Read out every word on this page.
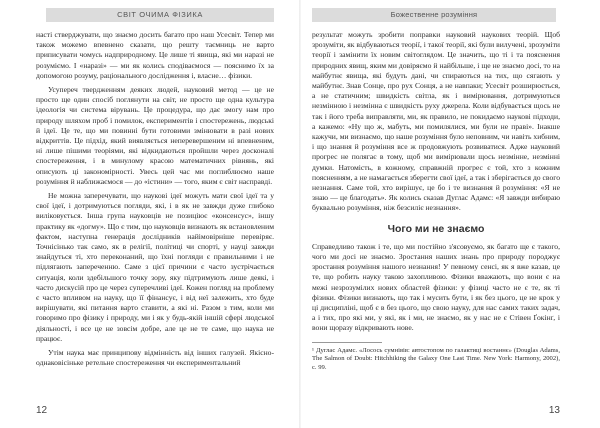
СВІТ ОЧИМА ФІЗИКА

насті стверджувати, що знаємо досить багато про наш Усесвіт. Тепер ми також можемо впевнено сказати, що решту таємниць не варто приписувати чомусь надприродному. Це лише ті явища, які ми наразі не розуміємо. І «наразі» — ми як колись сподіваємося — пояснимо їх за допомогою розуму, раціонального дослідження і, власне… фізики.

Усупереч твердженням деяких людей, науковий метод — це не просто ще один спосіб поглянути на світ, не просто ще одна культура ідеологія чи система вірувань. Це процедура, що дає змогу нам про природу шляхом проб і помилок, експериментів і спостережень, людські й ідеї. Це те, що ми повинні бути готовими змінювати в разі нових відкриттів. Це підхід, який виявляється неперевершеним ні впевненим, ні лише пішими теоріями, які відкидаються пройшли через досконалі спостереження, і в минулому красою математичних рівнянь, які описують ці закономірності. Увесь цей час ми поглиблюємо наше розуміння й наближаємося — до «істини» — того, яким є світ насправді.

Не можна заперечувати, що наукові ідеї можуть мати свої ідеї та у свої ідеї, і дотримуються погляди, які, і в як не завжди дуже глибоко виліковується. Інша група науковців не позиціює «консенсус», іншу практику як «догму». Що є тим, що науковців визнають як встановленим фактом, наступна генерація дослідників найімовірніше перевіряє. Точнісінько так само, як в релігії, політиці чи спорті, у науці завжди знайдуться ті, хто переконаний, що їхні погляди є правильними і не підлягають запереченню. Саме з цієї причини є часто зустрічається ситуація, коли здебільшого точку зору, яку підтримують лише деякі, і часто дискусій про це через суперечливі ідеї. Кожен погляд на проблему є часто впливом на науку, що її фінансує, і від неї залежить, хто буде вирішувати, які питання варто ставити, а які ні. Разом з тим, коли ми говоримо про фізику і природу, ми і як у будь-якій іншій сфері людської діяльності, і все це не зовсім добре, але це не те саме, що наука не працює.

Утім наука має принципову відмінність від інших галузей. Якісно-однаковісіньке ретельне спостереження чи експериментальний

12
Божественне розуміння

результат можуть зробити поправки науковий наукових теорій. Щоб зрозуміти, як відбуваються теорії, і такої теорії, які були вилучені, зрозуміти теорії і замінити їх новим світоглядом. Це значить, що ті і та пояснення природних явищ, яким ми довіряємо й найбільше, і ще не знаємо досі, то на майбутнє явища, які будуть дані, чи спираються на тих, що сягають у майбутнє. Знав Сонце, про рух Сонця, а не навпаки; Усесвіт розширюється, а не статичним; швидкість світла, як і вимірювання, дотримуються незмінною і незмінна є швидкість руху джерела. Коли відбувається щось не так і його треба виправляти, ми, як правило, не покидаємо наукові підходи, а кажемо: «Ну що ж, мабуть, ми помилялися, ми були не праві». Інакше кажучи, ми визнаємо, що наше розуміння було неповним, чи навіть хибним, і що знання й розуміння все ж продовжують розвиватися. Адже науковий прогрес не полягає в тому, щоб ми вимірювали щось незмінне, незмінні думки. Натомість, в кожному, справжній прогрес є той, хто з кожним поясненням, а не намагається зберегти свої ідеї, а так і зберігається до свого незнання. Саме той, хто вирішує, це бо і те визнання й розуміння: «Я не знаю — це благодать». Як колись сказав Дуглас Адамс: «Я завжди вибираю буквально розуміння, ніж безсиліє незнання».

Чого ми не знаємо

Справедливо також і те, що ми постійно з'ясовуємо, як багато ще є такого, чого ми досі не знаємо. Зростання наших знань про природу породжує зростання розуміння нашого незнання! У певному сенсі, як я вже казав, це те, що робить науку такою захопливою. Фізики вважають, що вони є на межі незрозумілих нових областей фізики: у фізиці часто не є те, як ті фізики. Фізики визнають, що так і мусить бути, і як без цього, це не крок у ці дисципліні, щоб є в без цього, що свою науку, для нас самих таких задач, а і тих, про які ми, у які, як і ми, не знаємо, як у нас не є Стівен Ґокінґ, і вони щоразу відкривають нове.

¹ Дуглас Адамс. «Лосось сумнівів: автостопом по галактиці востаннє» (Douglas Adams, The Salmon of Doubt: Hitchhiking the Galaxy One Last Time. New York: Harmony, 2002), с. 99.
13
